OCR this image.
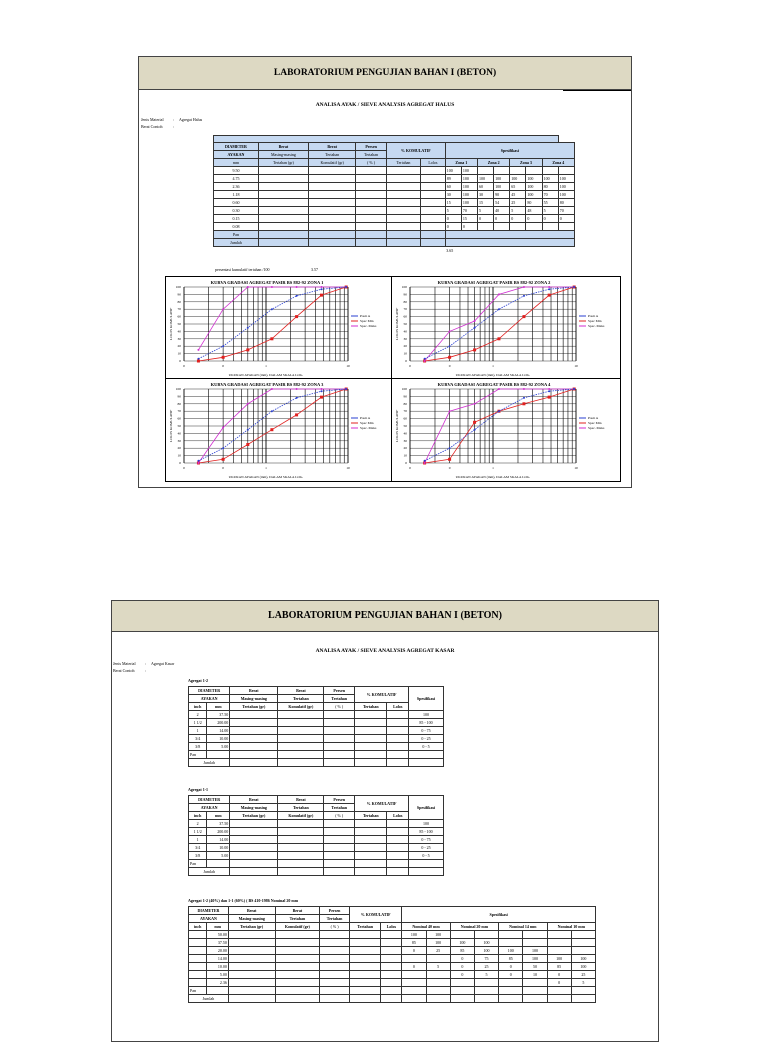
LABORATORIUM PENGUJIAN BAHAN I (BETON)
ANALISA AYAK / SIEVE ANALYSIS AGREGAT HALUS
Jenis Material : Agregat Halus
Berat Contoh	:

DIAMETER	Berat	Berat	Persen	% KOMULATIF		Spesifikasi							
AYAKAN	Masing-masing	Tertahan	Tertahan										
mm	Tertahan (gr)	Komulatif (gr)	( % )	Tertahan	Lolos	Zona 1		Zona 2		Zona 3		Zona 4	
9.50						100	100						
4.75						89	100	100	100	100	100	100	100
2.36						60	100	60	100	65	100	80	100
1.18						30	100	30	90	45	100	70	100
0.60						15	100	15	54	25	80	55	80
0.30						5	70	5	40	5	48	5	70
0.15						0	15	0	0	0	0	0	0
0.08						0	0						
Pan													
Jumlah													
						3.65							
persentasi kumulatif tertahan /100	3.57
KURVA GRADASI AGREGAT PASIR BS 882-92 ZONA 1
0
10
20
30
40
50
60
70
80
90
100
0	0	1	10
UKURAN AYAKAN (mm), DALAM SKALA LOG.
LOLOS KOMULATIF	Pasir A
Spec Min
Spec. Maks
KURVA GRADASI AGREGAT PASIR BS 882-92 ZONA 2
0
10
20
30
40
50
60
70
80
90
100
0	0	1	10
UKURAN AYAKAN (mm), DALAM SKALA LOG.
LOLOS KOMULATIF	Pasir A
Spec Min
Spec. Maks
KURVA GRADASI AGREGAT PASIR BS 882-92 ZONA 3
0
10
20
30
40
50
60
70
80
90
100
0	0	1	10
UKURAN AYAKAN (mm), DALAM SKALA LOG.
LOLOS KOMULATIF	Pasir A
Spec Min
Spec. Maks
KURVA GRADASI AGREGAT PASIR BS 882-92 ZONA 4
0
10
20
30
40
50
60
70
80
90
100
0	0	1	10
UKURAN AYAKAN (mm), DALAM SKALA LOG.
LOLOS KOMULATIF	Pasir A
Spec Min
Spec. Maks
LABORATORIUM PENGUJIAN BAHAN I (BETON)
ANALISA AYAK / SIEVE ANALYSIS AGREGAT KASAR
Jenis Material : Agregat Kasar
Berat Contoh	:
Agregat 1-2
DIAMETER		Berat	Berat	Persen	% KOMULATIF		Spesifikasi
AYAKAN		Masing-masing	Tertahan	Tertahan			
inch	mm	Tertahan (gr)	Komulatif (gr)	( % )	Tertahan	Lolos	
2	37.50						100
1 1/2	200.00						85 - 100
1	14.00						0 - 75
3/4	10.00						0 - 25
3/8	5.00						0 - 5
Pan							
Jumlah							
Agregat 1-1
DIAMETER		Berat	Berat	Persen	% KOMULATIF		Spesifikasi
AYAKAN		Masing-masing	Tertahan	Tertahan			
inch	mm	Tertahan (gr)	Komulatif (gr)	( % )	Tertahan	Lolos	
2	37.50						100
1 1/2	200.00						85 - 100
1	14.00						0 - 75
3/4	10.00						0 - 25
3/8	5.00						0 - 5
Pan							
Jumlah							
Agregat 1-2 (40%) dan 1-1 (60%) ( BS 410-1986 Nominal 20 mm
DIAMETER		Berat	Berat	Persen	% KOMULATIF		Spesifikasi							
AYAKAN		Masing-masing	Tertahan	Tertahan										
inch	mm	Tertahan (gr)	Komulatif (gr)	( % )	Tertahan	Lolos	Nominal 40 mm		Nominal 20 mm		Nominal 14 mm		Nominal 10 mm	
	50.00						100	100						
	37.50						85	100	100	100				
	20.00						0	25	85	100	100	100		
	14.00								0	75	85	100	100	100
	10.00						0	5	0	25	0	50	85	100
	5.00								0	5	0	10	0	25
	2.36												0	5
Pan														
Jumlah														
